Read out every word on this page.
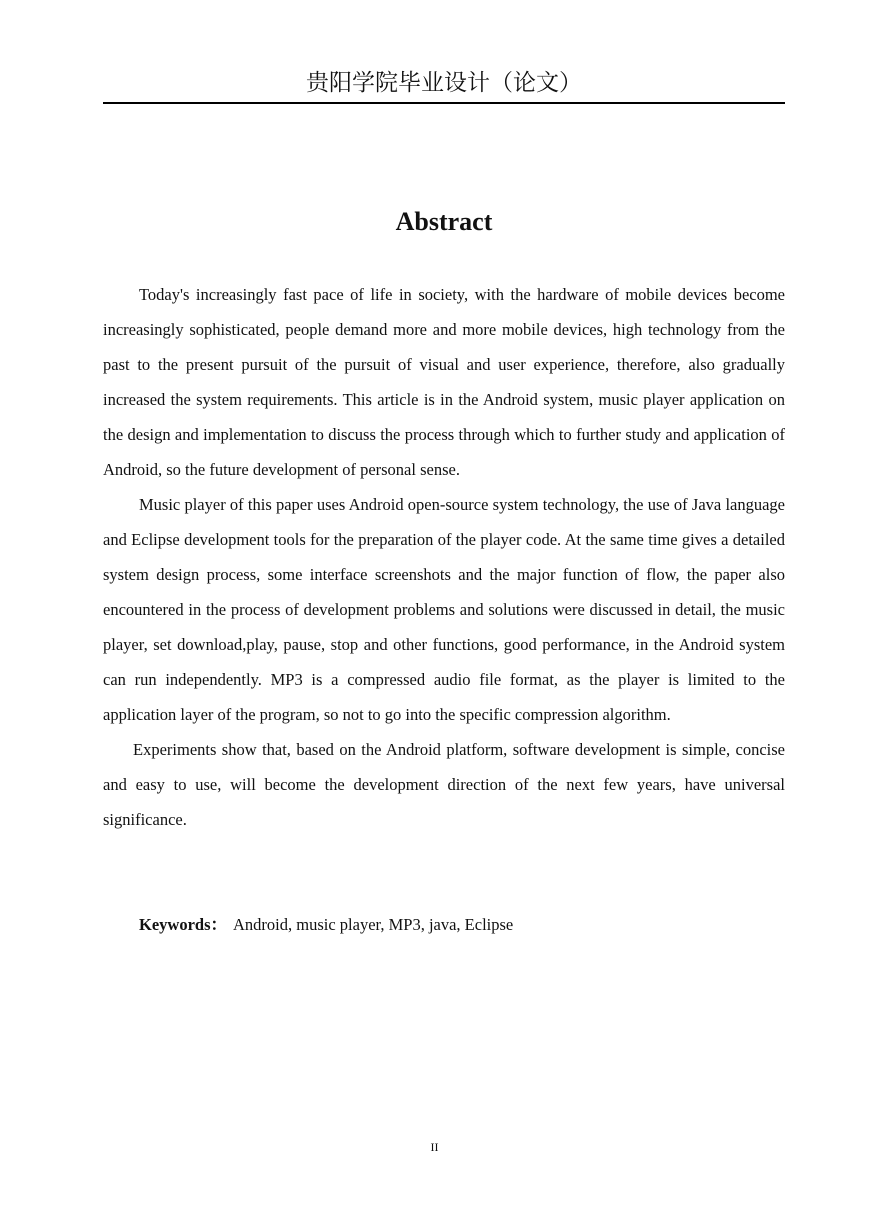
贵阳学院毕业设计（论文）
Abstract

Today's increasingly fast pace of life in society, with the hardware of mobile devices become increasingly sophisticated, people demand more and more mobile devices, high technology from the past to the present pursuit of the pursuit of visual and user experience, therefore, also gradually increased the system requirements. This article is in the Android system, music player application on the design and implementation to discuss the process through which to further study and application of Android, so the future development of personal sense.

Music player of this paper uses Android open-source system technology, the use of Java language and Eclipse development tools for the preparation of the player code. At the same time gives a detailed system design process, some interface screenshots and the major function of flow, the paper also encountered in the process of development problems and solutions were discussed in detail, the music player, set download,play, pause, stop and other functions, good performance, in the Android system can run independently. MP3 is a compressed audio file format, as the player is limited to the application layer of the program, so not to go into the specific compression algorithm.

Experiments show that, based on the Android platform, software development is simple, concise and easy to use, will become the development direction of the next few years, have universal significance.

Keywords： Android, music player, MP3, java, Eclipse
II
